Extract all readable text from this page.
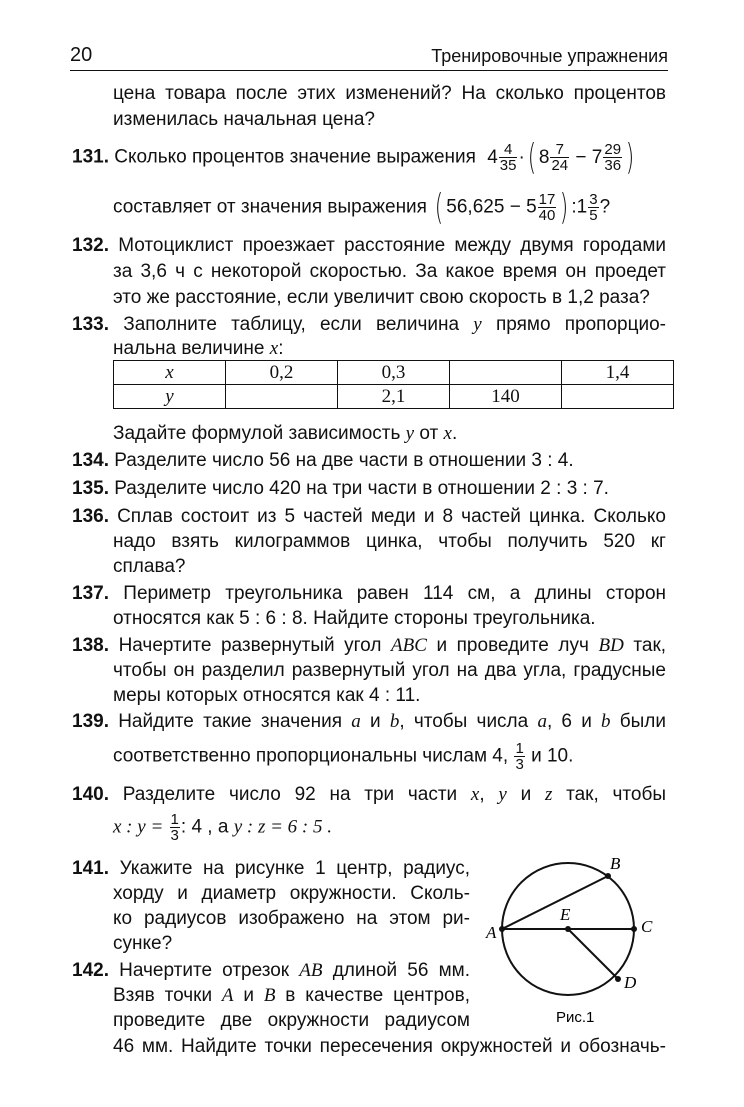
20	Тренировочные упражнения
цена товара после этих изменений? На сколько процентов
изменилась начальная цена?
131. Сколько процентов значение выражения $4 \frac{4}{35}$ ·( $8 \frac{7}{24} - 7 \frac{29}{36}$ )
составляет от значения выражения ( $56,625 - 5 \frac{17}{40}$ ) :1 $\frac{3}{5}$ ?
132. Мотоциклист проезжает расстояние между двумя городами
за 3,6 ч с некоторой скоростью. За какое время он проедет
это же расстояние, если увеличит свою скорость в 1,2 раза?
133. Заполните таблицу, если величина y прямо пропорцио-
нальна величине x:
x	0,2	0,3		1,4
y		2,1	140	
Задайте формулой зависимость y от x.
134. Разделите число 56 на две части в отношении 3 : 4.
135. Разделите число 420 на три части в отношении 2 : 3 : 7.
136. Сплав состоит из 5 частей меди и 8 частей цинка. Сколько
надо взять килограммов цинка, чтобы получить 520 кг
сплава?
137. Периметр треугольника равен 114 см, а длины сторон
относятся как 5 : 6 : 8. Найдите стороны треугольника.
138. Начертите развернутый угол ABC и проведите луч BD так,
чтобы он разделил развернутый угол на два угла, градусные
меры которых относятся как 4 : 11.
139. Найдите такие значения a и b, чтобы числа a, 6 и b были
соответственно пропорциональны числам 4, $\frac{1}{3}$ и 10.
140. Разделите число 92 на три части x, y и z так, чтобы
x : $y = \frac{1}{3}$ : 4 , а y : z = 6 : 5 .
141. Укажите на рисунке 1 центр, радиус,
хорду и диаметр окружности. Сколь-
ко радиусов изображено на этом ри-
сунке?
142. Начертите отрезок AB длиной 56 мм.
Взяв точки A и B в качестве центров,
проведите две окружности радиусом
46 мм. Найдите точки пересечения окружностей и обозначь-
A
B
C
D
E
Рис.1
